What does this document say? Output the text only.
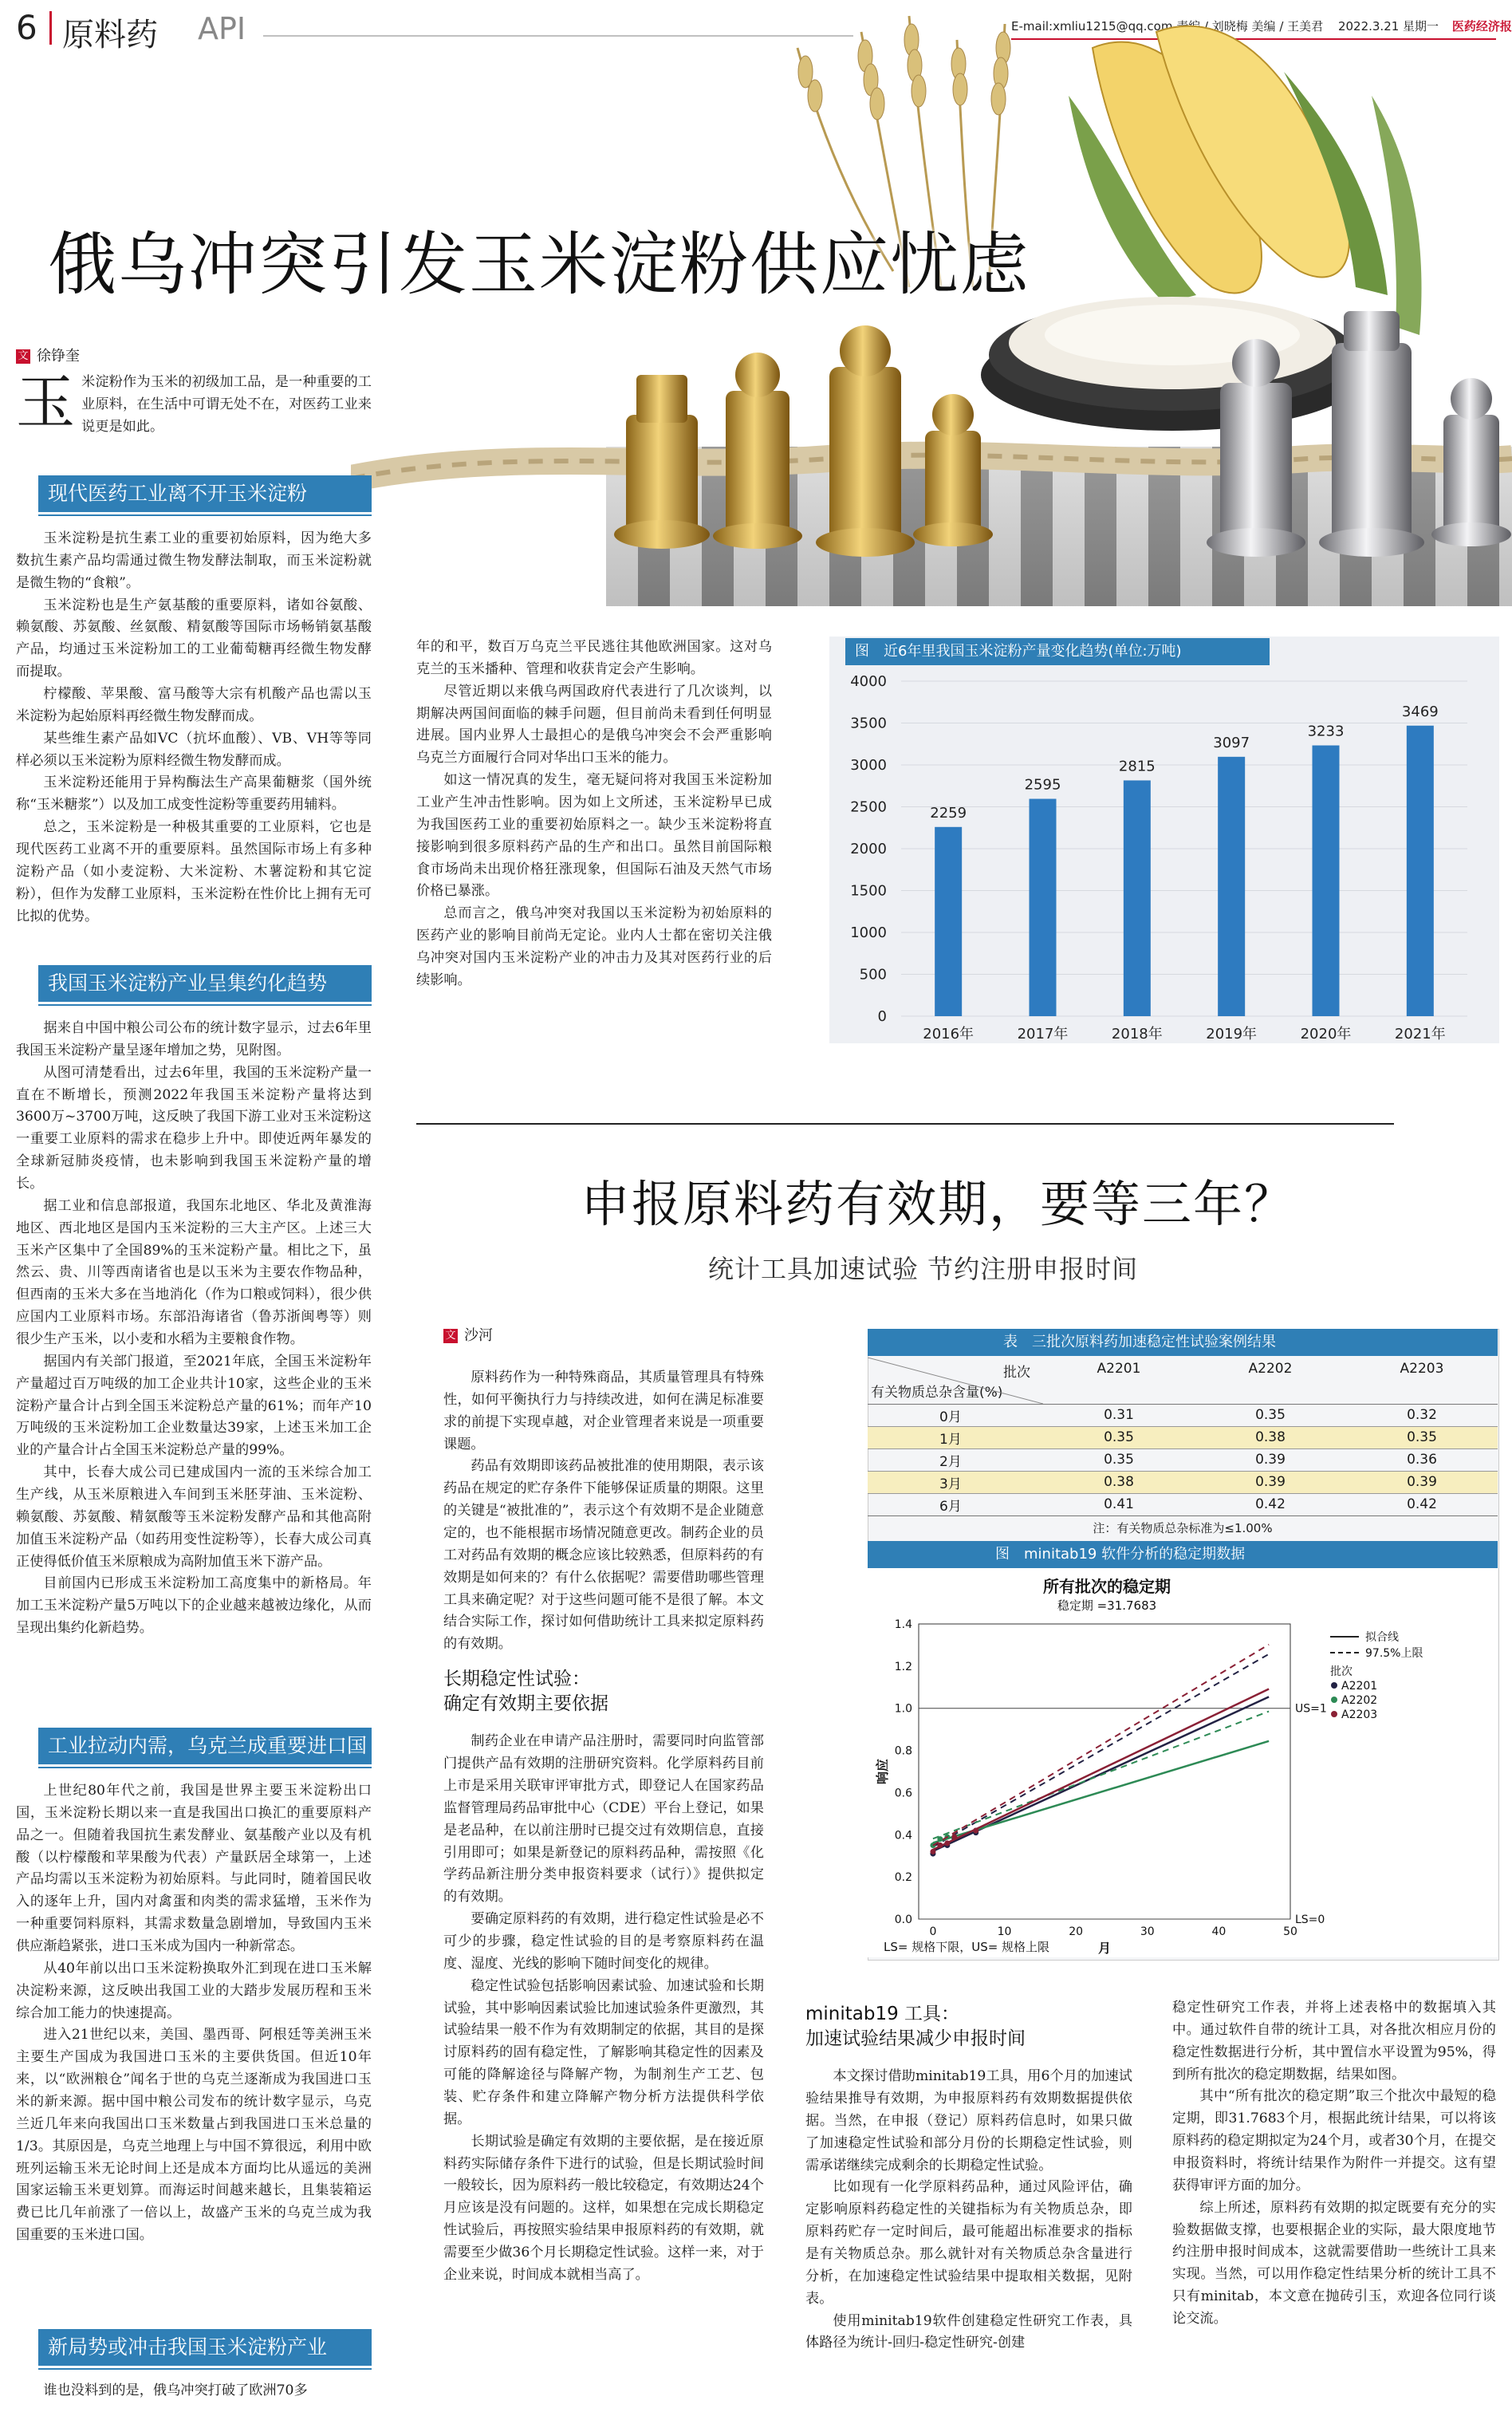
6 原料药 API	E-mail:xmliu1215@qq.com 责编 / 刘晓梅 美编 / 王美君 2022.3.21 星期一 医药经济报
俄乌冲突引发玉米淀粉供应忧虑
文 徐铮奎
玉 米淀粉作为玉米的初级加工品，是一种重要的工业原料，在生活中可谓无处不在，对医药工业来说更是如此。
现代医药工业离不开玉米淀粉

玉米淀粉是抗生素工业的重要初始原料，因为绝大多数抗生素产品均需通过微生物发酵法制取，而玉米淀粉就是微生物的“食粮”。

玉米淀粉也是生产氨基酸的重要原料，诸如谷氨酸、赖氨酸、苏氨酸、丝氨酸、精氨酸等国际市场畅销氨基酸产品，均通过玉米淀粉加工的工业葡萄糖再经微生物发酵而提取。

柠檬酸、苹果酸、富马酸等大宗有机酸产品也需以玉米淀粉为起始原料再经微生物发酵而成。

某些维生素产品如VC（抗坏血酸）、VB、VH等等同样必须以玉米淀粉为原料经微生物发酵而成。

玉米淀粉还能用于异构酶法生产高果葡糖浆（国外统称“玉米糖浆”）以及加工成变性淀粉等重要药用辅料。

总之，玉米淀粉是一种极其重要的工业原料，它也是现代医药工业离不开的重要原料。虽然国际市场上有多种淀粉产品（如小麦淀粉、大米淀粉、木薯淀粉和其它淀粉），但作为发酵工业原料，玉米淀粉在性价比上拥有无可比拟的优势。

我国玉米淀粉产业呈集约化趋势

据来自中国中粮公司公布的统计数字显示，过去6年里我国玉米淀粉产量呈逐年增加之势，见附图。

从图可清楚看出，过去6年里，我国的玉米淀粉产量一直在不断增长，预测2022年我国玉米淀粉产量将达到3600万~3700万吨，这反映了我国下游工业对玉米淀粉这一重要工业原料的需求在稳步上升中。即使近两年暴发的全球新冠肺炎疫情，也未影响到我国玉米淀粉产量的增长。

据工业和信息部报道，我国东北地区、华北及黄淮海地区、西北地区是国内玉米淀粉的三大主产区。上述三大玉米产区集中了全国89%的玉米淀粉产量。相比之下，虽然云、贵、川等西南诸省也是以玉米为主要农作物品种，但西南的玉米大多在当地消化（作为口粮或饲料），很少供应国内工业原料市场。东部沿海诸省（鲁苏浙闽粤等）则很少生产玉米，以小麦和水稻为主要粮食作物。

据国内有关部门报道，至2021年底，全国玉米淀粉年产量超过百万吨级的加工企业共计10家，这些企业的玉米淀粉产量合计占到全国玉米淀粉总产量的61%；而年产10万吨级的玉米淀粉加工企业数量达39家，上述玉米加工企业的产量合计占全国玉米淀粉总产量的99%。

其中，长春大成公司已建成国内一流的玉米综合加工生产线，从玉米原粮进入车间到玉米胚芽油、玉米淀粉、赖氨酸、苏氨酸、精氨酸等玉米淀粉发酵产品和其他高附加值玉米淀粉产品（如药用变性淀粉等），长春大成公司真正使得低价值玉米原粮成为高附加值玉米下游产品。

目前国内已形成玉米淀粉加工高度集中的新格局。年加工玉米淀粉产量5万吨以下的企业越来越被边缘化，从而呈现出集约化新趋势。

工业拉动内需，乌克兰成重要进口国

上世纪80年代之前，我国是世界主要玉米淀粉出口国，玉米淀粉长期以来一直是我国出口换汇的重要原料产品之一。但随着我国抗生素发酵业、氨基酸产业以及有机酸（以柠檬酸和苹果酸为代表）产量跃居全球第一，上述产品均需以玉米淀粉为初始原料。与此同时，随着国民收入的逐年上升，国内对禽蛋和肉类的需求猛增，玉米作为一种重要饲料原料，其需求数量急剧增加，导致国内玉米供应渐趋紧张，进口玉米成为国内一种新常态。

从40年前以出口玉米淀粉换取外汇到现在进口玉米解决淀粉来源，这反映出我国工业的大踏步发展历程和玉米综合加工能力的快速提高。

进入21世纪以来，美国、墨西哥、阿根廷等美洲玉米主要生产国成为我国进口玉米的主要供货国。但近10年来，以“欧洲粮仓”闻名于世的乌克兰逐渐成为我国进口玉米的新来源。据中国中粮公司发布的统计数字显示，乌克兰近几年来向我国出口玉米数量占到我国进口玉米总量的1/3。其原因是，乌克兰地理上与中国不算很远，利用中欧班列运输玉米无论时间上还是成本方面均比从遥远的美洲国家运输玉米更划算。而海运时间越来越长，且集装箱运费已比几年前涨了一倍以上，故盛产玉米的乌克兰成为我国重要的玉米进口国。

新局势或冲击我国玉米淀粉产业

谁也没料到的是，俄乌冲突打破了欧洲70多

年的和平，数百万乌克兰平民逃往其他欧洲国家。这对乌克兰的玉米播种、管理和收获肯定会产生影响。

尽管近期以来俄乌两国政府代表进行了几次谈判，以期解决两国间面临的棘手问题，但目前尚未看到任何明显进展。国内业界人士最担心的是俄乌冲突会不会严重影响乌克兰方面履行合同对华出口玉米的能力。

如这一情况真的发生，毫无疑问将对我国玉米淀粉加工业产生冲击性影响。因为如上文所述，玉米淀粉早已成为我国医药工业的重要初始原料之一。缺少玉米淀粉将直接影响到很多原料药产品的生产和出口。虽然目前国际粮食市场尚未出现价格狂涨现象，但国际石油及天然气市场价格已暴涨。

总而言之，俄乌冲突对我国以玉米淀粉为初始原料的医药产业的影响目前尚无定论。业内人士都在密切关注俄乌冲突对国内玉米淀粉产业的冲击力及其对医药行业的后续影响。

图　近6年里我国玉米淀粉产量变化趋势(单位:万吨)
0
500
1000
1500
2000
2500
3000
3500
4000
2259
2016年
2595
2017年
2815
2018年
3097
2019年
3233
2020年
3469
2021年
申报原料药有效期，要等三年？
统计工具加速试验 节约注册申报时间
文 沙河

原料药作为一种特殊商品，其质量管理具有特殊性，如何平衡执行力与持续改进，如何在满足标准要求的前提下实现卓越，对企业管理者来说是一项重要课题。

药品有效期即该药品被批准的使用期限，表示该药品在规定的贮存条件下能够保证质量的期限。这里的关键是“被批准的”，表示这个有效期不是企业随意定的，也不能根据市场情况随意更改。制药企业的员工对药品有效期的概念应该比较熟悉，但原料药的有效期是如何来的？有什么依据呢？需要借助哪些管理工具来确定呢？对于这些问题可能不是很了解。本文结合实际工作，探讨如何借助统计工具来拟定原料药的有效期。

长期稳定性试验：
确定有效期主要依据

制药企业在申请产品注册时，需要同时向监管部门提供产品有效期的注册研究资料。化学原料药目前上市是采用关联审评审批方式，即登记人在国家药品监督管理局药品审批中心（CDE）平台上登记，如果是老品种，在以前注册时已提交过有效期信息，直接引用即可；如果是新登记的原料药品种，需按照《化学药品新注册分类申报资料要求（试行）》提供拟定的有效期。

要确定原料药的有效期，进行稳定性试验是必不可少的步骤，稳定性试验的目的是考察原料药在温度、湿度、光线的影响下随时间变化的规律。

稳定性试验包括影响因素试验、加速试验和长期试验，其中影响因素试验比加速试验条件更激烈，其试验结果一般不作为有效期制定的依据，其目的是探讨原料药的固有稳定性，了解影响其稳定性的因素及可能的降解途径与降解产物，为制剂生产工艺、包装、贮存条件和建立降解产物分析方法提供科学依据。

长期试验是确定有效期的主要依据，是在接近原料药实际储存条件下进行的试验，但是长期试验时间一般较长，因为原料药一般比较稳定，有效期达24个月应该是没有问题的。这样，如果想在完成长期稳定性试验后，再按照实验结果申报原料药的有效期，就需要至少做36个月长期稳定性试验。这样一来，对于企业来说，时间成本就相当高了。

minitab19 工具：
加速试验结果减少申报时间

本文探讨借助minitab19工具，用6个月的加速试验结果推导有效期，为申报原料药有效期数据提供依据。当然，在申报（登记）原料药信息时，如果只做了加速稳定性试验和部分月份的长期稳定性试验，则需承诺继续完成剩余的长期稳定性试验。

比如现有一化学原料药品种，通过风险评估，确定影响原料药稳定性的关键指标为有关物质总杂，即原料药贮存一定时间后，最可能超出标准要求的指标是有关物质总杂。那么就针对有关物质总杂含量进行分析，在加速稳定性试验结果中提取相关数据，见附表。

使用minitab19软件创建稳定性研究工作表，具体路径为统计-回归-稳定性研究-创建

稳定性研究工作表，并将上述表格中的数据填入其中。通过软件自带的统计工具，对各批次相应月份的稳定性数据进行分析，其中置信水平设置为95%，得到所有批次的稳定期数据，结果如图。

其中“所有批次的稳定期”取三个批次中最短的稳定期，即31.7683个月，根据此统计结果，可以将该原料药的稳定期拟定为24个月，或者30个月，在提交申报资料时，将统计结果作为附件一并提交。这有望获得审评方面的加分。

综上所述，原料药有效期的拟定既要有充分的实验数据做支撑，也要根据企业的实际，最大限度地节约注册申报时间成本，这就需要借助一些统计工具来实现。当然，可以用作稳定性结果分析的统计工具不只有minitab，本文意在抛砖引玉，欢迎各位同行谈论交流。

表　三批次原料药加速稳定性试验案例结果
批次
有关物质总杂含量(%)	A2201	A2202	A2203
0月	0.31	0.35	0.32
1月	0.35	0.38	0.35
2月	0.35	0.39	0.36
3月	0.38	0.39	0.39
6月	0.41	0.42	0.42
注：有关物质总杂标准为≤1.00%			
图　minitab19 软件分析的稳定期数据
所有批次的稳定期
稳定期 =31.7683
0.0
0.2
0.4
0.6
0.8
1.0
1.2
1.4
0	10	20	30	40	50
响应
月
US=1
LS=0
拟合线
97.5%上限
批次
A2201
A2202
A2203
LS= 规格下限，US= 规格上限
